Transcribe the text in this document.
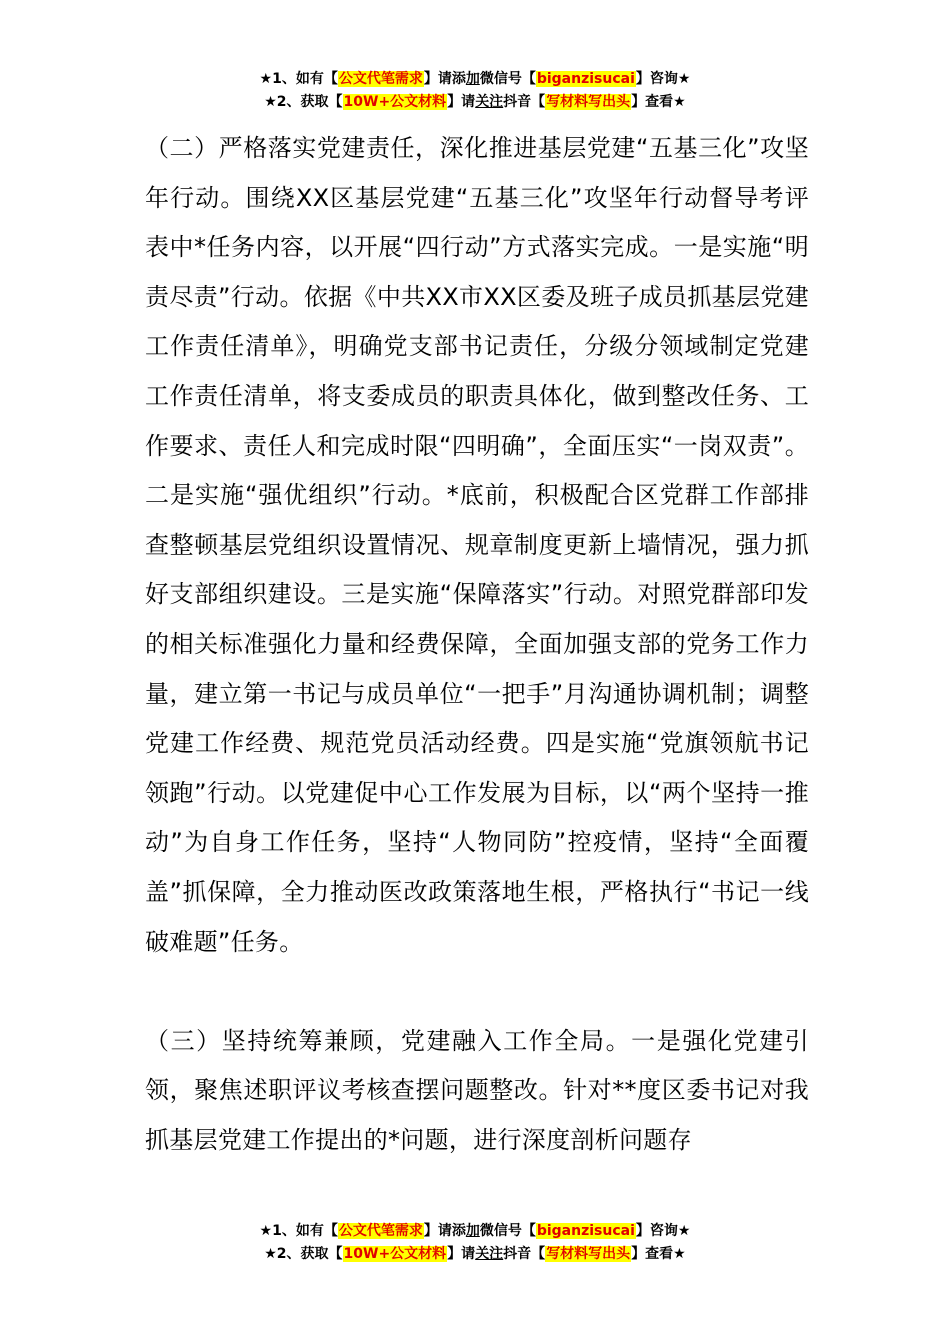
★1、如有【公文代笔需求】请添加微信号【biganzisucai】咨询★
★2、获取【10W+公文材料】请关注抖音【写材料写出头】查看★

（二）严格落实党建责任，深化推进基层党建“五基三化”攻坚年行动。围绕XX区基层党建“五基三化”攻坚年行动督导考评表中*任务内容，以开展“四行动”方式落实完成。一是实施“明责尽责”行动。依据《中共XX市XX区委及班子成员抓基层党建工作责任清单》，明确党支部书记责任，分级分领域制定党建工作责任清单，将支委成员的职责具体化，做到整改任务、工作要求、责任人和完成时限“四明确”，全面压实“一岗双责”。二是实施“强优组织”行动。*底前，积极配合区党群工作部排查整顿基层党组织设置情况、规章制度更新上墙情况，强力抓好支部组织建设。三是实施“保障落实”行动。对照党群部印发的相关标准强化力量和经费保障，全面加强支部的党务工作力量，建立第一书记与成员单位“一把手”月沟通协调机制；调整党建工作经费、规范党员活动经费。四是实施“党旗领航书记领跑”行动。以党建促中心工作发展为目标，以“两个坚持一推动”为自身工作任务，坚持“人物同防”控疫情，坚持“全面覆盖”抓保障，全力推动医改政策落地生根，严格执行“书记一线破难题”任务。

（三）坚持统筹兼顾，党建融入工作全局。一是强化党建引领，聚焦述职评议考核查摆问题整改。针对**度区委书记对我抓基层党建工作提出的*问题，进行深度剖析问题存

★1、如有【公文代笔需求】请添加微信号【biganzisucai】咨询★
★2、获取【10W+公文材料】请关注抖音【写材料写出头】查看★
